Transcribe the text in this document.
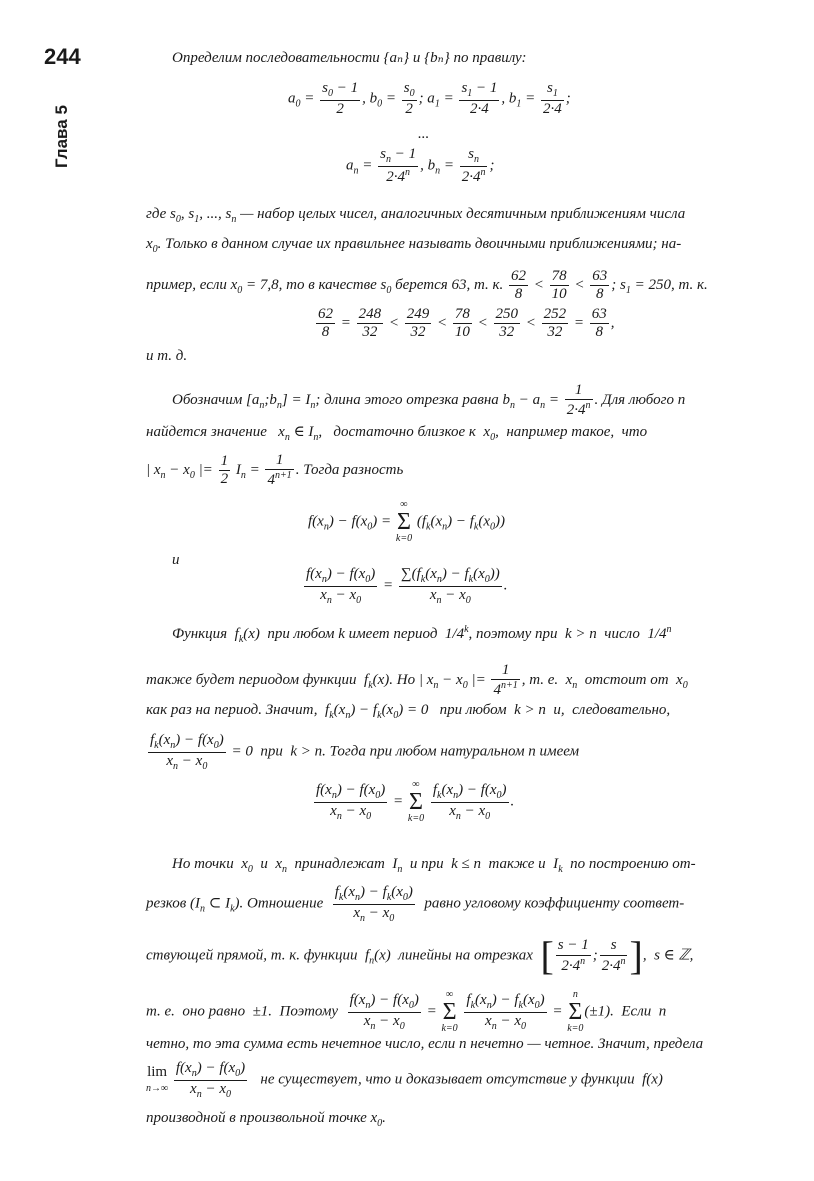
244
Глава 5
Определим последовательности {aₙ} и {bₙ} по правилу:
$a_0 = \frac{s_0 - 1}{2}$ , $b_0 = \frac{s_0}{2}$ ; $a_1 = \frac{s_1 - 1}{2\cdot 4}$ , $b_1 = \frac{s_1}{2\cdot 4}$ ;
...
$a_n = \frac{s_n - 1}{2\cdot 4^n}$ , $b_n = \frac{s_n}{2\cdot 4^n}$ ;
где $s_0$, $s_1$, ..., $s_n$ — набор целых чисел, аналогичных десятичным приближениям числа
$x_0$. Только в данном случае их правильнее называть двоичными приближениями; на-
пример, если $x_0 = 7,8$, то в качестве $s_0$ берется 63, т. к. $\frac{62}{8} < \frac{78}{10} < \frac{63}{8}$ ; $s_1 = 250$, т. к.
$\frac{62}{8} = \frac{248}{32} < \frac{249}{32} < \frac{78}{10} < \frac{250}{32} < \frac{252}{32} = \frac{63}{8}$ ,
и т. д.
Обозначим $[a_n;b_n] = I_n$; длина этого отрезка равна $b_n - a_n = \frac{1}{2\cdot 4^n}$ . Для любого n
найдется значение   $x_n$ ∈ $I_n$,   достаточно близкое к  $x_0$,  например такое,  что
| $x_n - x_0$ |= $\frac{1}{2} I_n = \frac{1}{4^{n+1}}$ . Тогда разность
$f(x_n) - f(x_0)$ = ∞
Σ
k=0 $(f_k(x_n) - f_k(x_0))$
и
$\frac{f(x_n) - f(x_0)}{x_n - x_0} = \frac{\sum(f_k(x_n) - f_k(x_0))}{x_n - x_0}$ .
Функция  $f_k(x)$  при любом k имеет период  1/4$^k$, поэтому при  k > n  число  1/4$^n$
также будет периодом функции  $f_k(x)$. Но | $x_n - x_0$ |= $\frac{1}{4^{n+1}}$ , т. е.  $x_n$  отстоит от  $x_0$
как раз на период. Значит,  $f_k(x_n) - f_k(x_0) = 0$   при любом  k > n  и,  следовательно,
$\frac{f_k(x_n) - f(x_0)}{x_n - x_0} = 0$  при  k > n. Тогда при любом натуральном n имеем
$\frac{f(x_n) - f(x_0)}{x_n - x_0}$ = ∞
Σ
$k=0 \frac{f_k(x_n) - f(x_0)}{x_n - x_0}$ .
Но точки  $x_0$  и  $x_n$  принадлежат  $I_n$  и при  k ≤ n  также и  $I_k$  по построению от-
резков ($I_n$ ⊂ $I_k$). Отношение $\frac{f_k(x_n) - f_k(x_0)}{x_n - x_0}$ равно угловому коэффициенту соответ-
ствующей прямой, т. к. функции  $f_n(x)$  линейны на отрезках  [ $\frac{s - 1}{2\cdot 4^n}$ ; $\frac{s}{2\cdot 4^n}$ ],  s ∈ ℤ,
т. е.  оно равно  ±1.  Поэтому $\frac{f(x_n) - f(x_0)}{x_n - x_0}$ = ∞
Σ
$k=0 \frac{f_k(x_n) - f_k(x_0)}{x_n - x_0} = n$
Σ
k=0(±1).  Если  n
четно, то эта сумма есть нечетное число, если n нечетно — четное. Значит, предела
lim
$n\to\infty \frac{f(x_n) - f(x_0)}{x_n - x_0}$ не существует, что и доказывает отсутствие у функции  f(x)
производной в произвольной точке $x_0$.
